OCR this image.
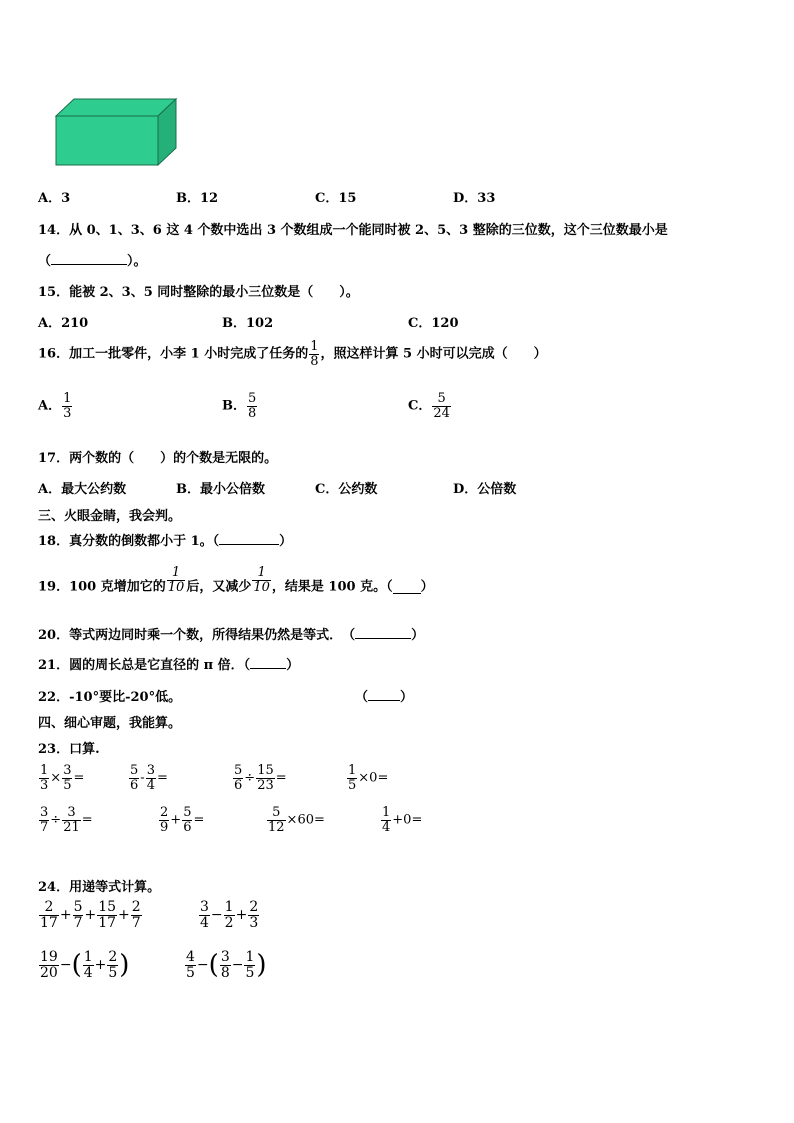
A．3	B．12	C．15	D．33
14．从 0、1、3、6 这 4 个数中选出 3 个数组成一个能同时被 2、5、3 整除的三位数，这个三位数最小是
（	）。
15．能被 2、3、5 同时整除的最小三位数是（　　）。
A．210	B．102	C．120
16．加工一批零件，小李 1 小时完成了任务的 $\frac{1}{8}$ ，照这样计算 5 小时可以完成（　　）
A． $\frac{1}{3}$	B． $\frac{5}{8}$	C． $\frac{5}{24}$
17．两个数的（　　）的个数是无限的。
A．最大公约数	B．最小公倍数	C．公约数	D．公倍数
三、火眼金睛，我会判。
18．真分数的倒数都小于 1。（	）
19．100 克增加它的 $\frac{1}{10}$ 后，又减少 $\frac{1}{10}$ ，结果是 100 克。（ ）
20．等式两边同时乘一个数，所得结果仍然是等式．　（	）
21．圆的周长总是它直径的 π 倍．（	）
22．-10°要比-20°低。	（ ）
四、细心审题，我能算。
23．口算.
$\frac{1}{3} \times \frac{3}{5}$ =	$\frac{5}{6} - \frac{3}{4}$ =	$\frac{5}{6} \div \frac{15}{23}$ =	$\frac{1}{5} \times 0=$
$\frac{3}{7} \div \frac{3}{21}$ =	$\frac{2}{9} + \frac{5}{6}$ =	$\frac{5}{12} \times 60=$	$\frac{1}{4} +0=$
24．用递等式计算。
$\frac{2}{17} + \frac{5}{7} + \frac{15}{17} + \frac{2}{7}$	$\frac{3}{4} - \frac{1}{2} + \frac{2}{3}$
$\frac{19}{20}$ −( $\frac{1}{4} + \frac{2}{5}$ )	$\frac{4}{5}$ −( $\frac{3}{8} - \frac{1}{5}$ )
